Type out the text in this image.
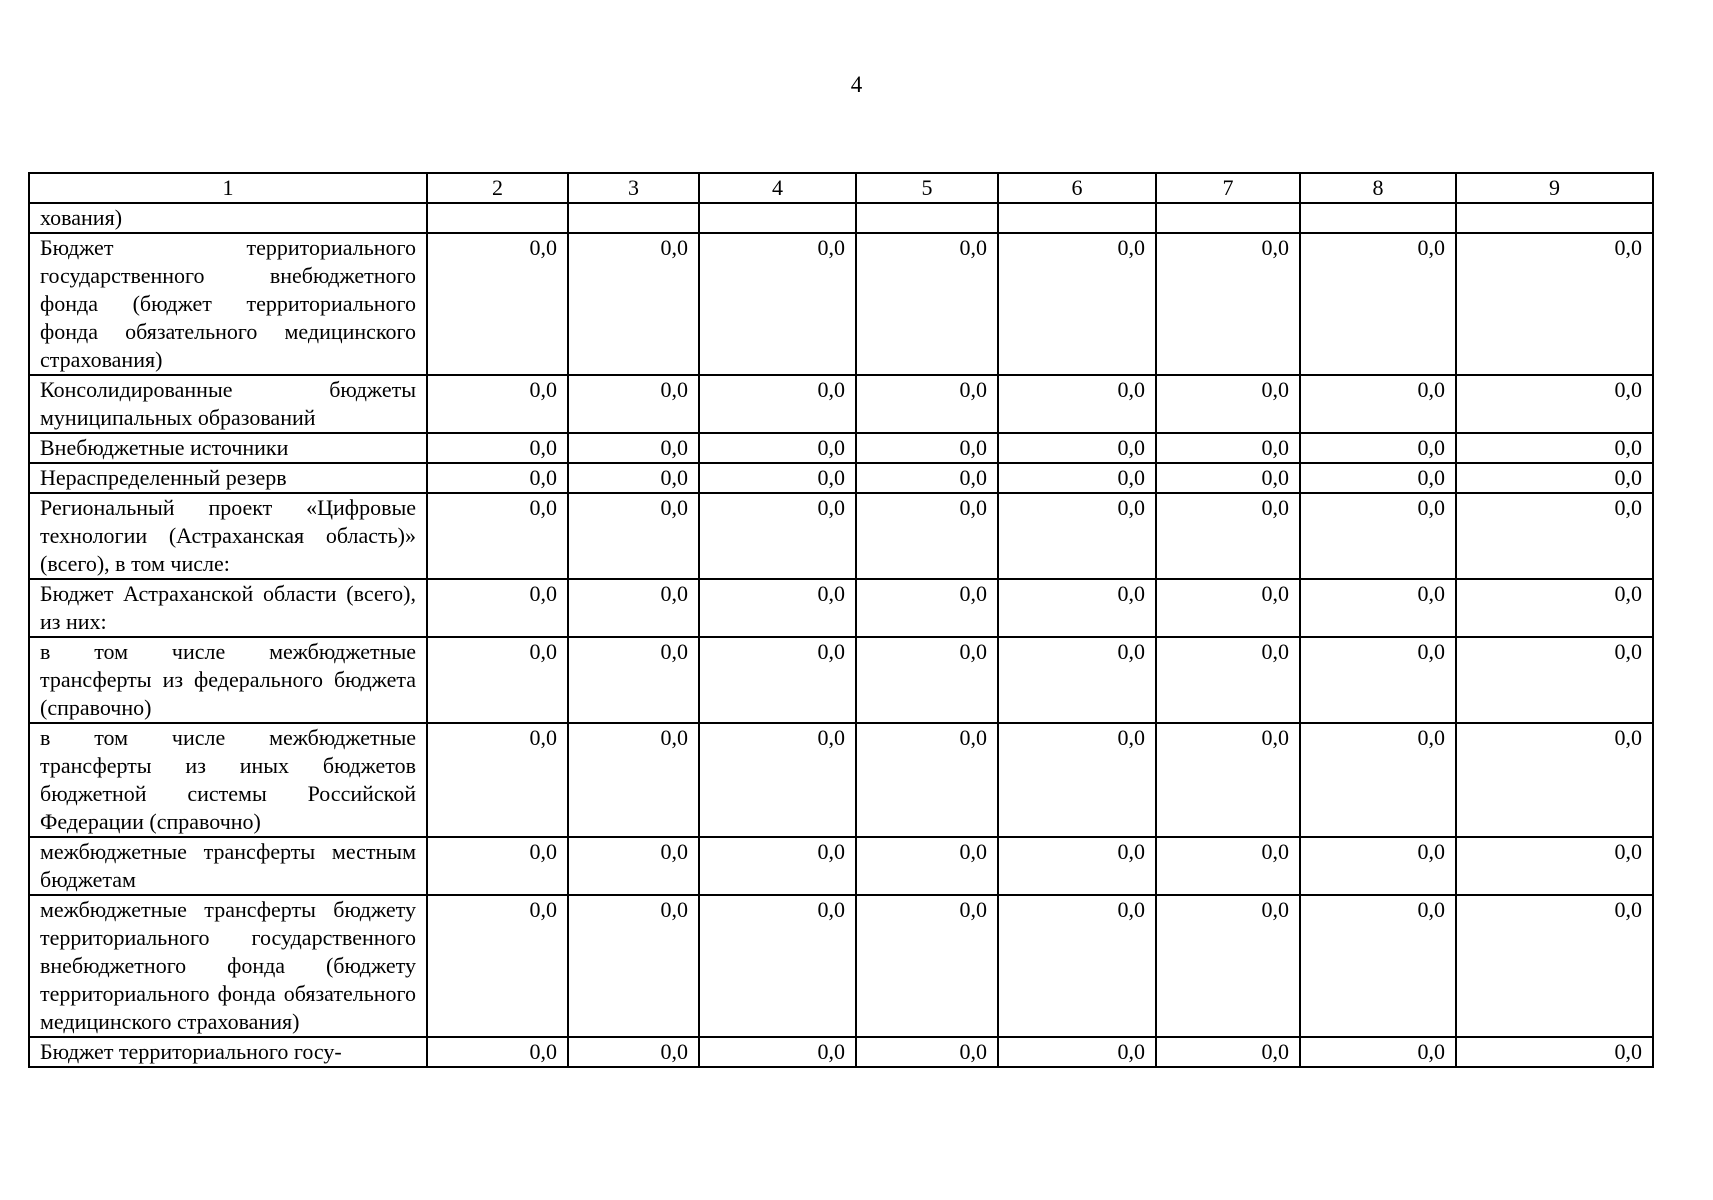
4
1	2	3	4	5	6	7	8	9
хования)								
Бюджет территориального государственного внебюджетного фонда (бюджет территориального фонда обязательного медицинского страхования)	0,0	0,0	0,0	0,0	0,0	0,0	0,0	0,0
Консолидированные бюджеты муниципальных образований	0,0	0,0	0,0	0,0	0,0	0,0	0,0	0,0
Внебюджетные источники	0,0	0,0	0,0	0,0	0,0	0,0	0,0	0,0
Нераспределенный резерв	0,0	0,0	0,0	0,0	0,0	0,0	0,0	0,0
Региональный проект «Цифровые технологии (Астраханская область)» (всего), в том числе:	0,0	0,0	0,0	0,0	0,0	0,0	0,0	0,0
Бюджет Астраханской области (всего), из них:	0,0	0,0	0,0	0,0	0,0	0,0	0,0	0,0
в том числе межбюджетные трансферты из федерального бюджета (справочно)	0,0	0,0	0,0	0,0	0,0	0,0	0,0	0,0
в том числе межбюджетные трансферты из иных бюджетов бюджетной системы Российской Федерации (справочно)	0,0	0,0	0,0	0,0	0,0	0,0	0,0	0,0
межбюджетные трансферты местным бюджетам	0,0	0,0	0,0	0,0	0,0	0,0	0,0	0,0
межбюджетные трансферты бюджету территориального государственного внебюджетного фонда (бюджету территориального фонда обязательного медицинского страхования)	0,0	0,0	0,0	0,0	0,0	0,0	0,0	0,0
Бюджет территориального госу-	0,0	0,0	0,0	0,0	0,0	0,0	0,0	0,0
